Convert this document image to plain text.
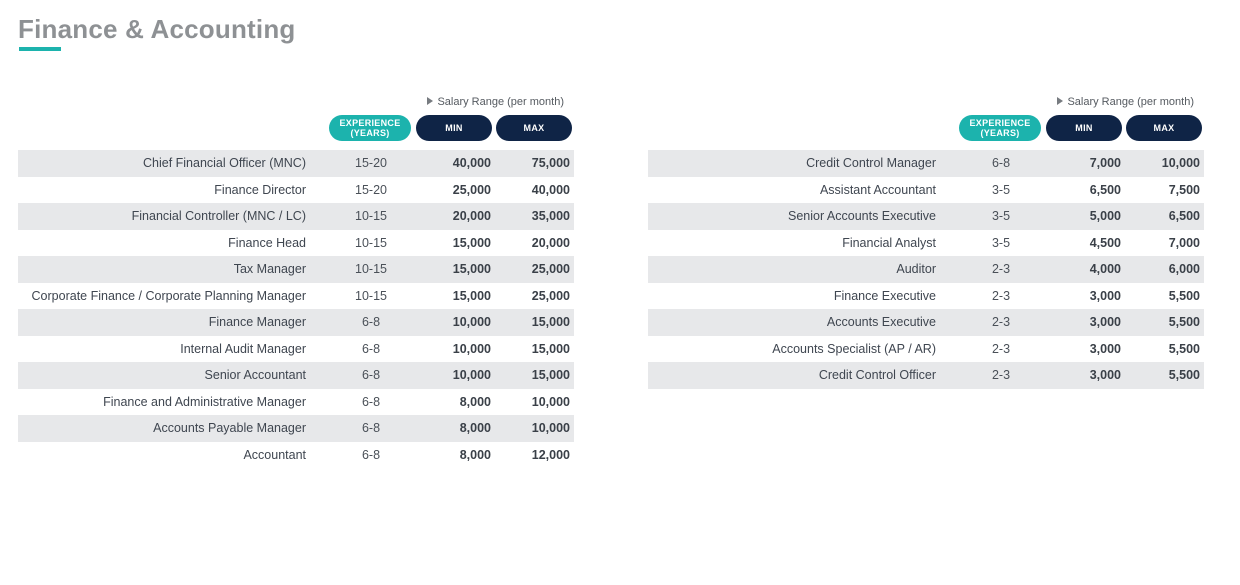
Finance & Accounting
Salary Range (per month)
EXPERIENCE
(YEARS)	MIN	MAX
Chief Financial Officer (MNC)	15-20	40,000	75,000
Finance Director	15-20	25,000	40,000
Financial Controller (MNC / LC)	10-15	20,000	35,000
Finance Head	10-15	15,000	20,000
Tax Manager	10-15	15,000	25,000
Corporate Finance / Corporate Planning Manager	10-15	15,000	25,000
Finance Manager	6-8	10,000	15,000
Internal Audit Manager	6-8	10,000	15,000
Senior Accountant	6-8	10,000	15,000
Finance and Administrative Manager	6-8	8,000	10,000
Accounts Payable Manager	6-8	8,000	10,000
Accountant	6-8	8,000	12,000
Salary Range (per month)
EXPERIENCE
(YEARS)	MIN	MAX
Credit Control Manager	6-8	7,000	10,000
Assistant Accountant	3-5	6,500	7,500
Senior Accounts Executive	3-5	5,000	6,500
Financial Analyst	3-5	4,500	7,000
Auditor	2-3	4,000	6,000
Finance Executive	2-3	3,000	5,500
Accounts Executive	2-3	3,000	5,500
Accounts Specialist (AP / AR)	2-3	3,000	5,500
Credit Control Officer	2-3	3,000	5,500
